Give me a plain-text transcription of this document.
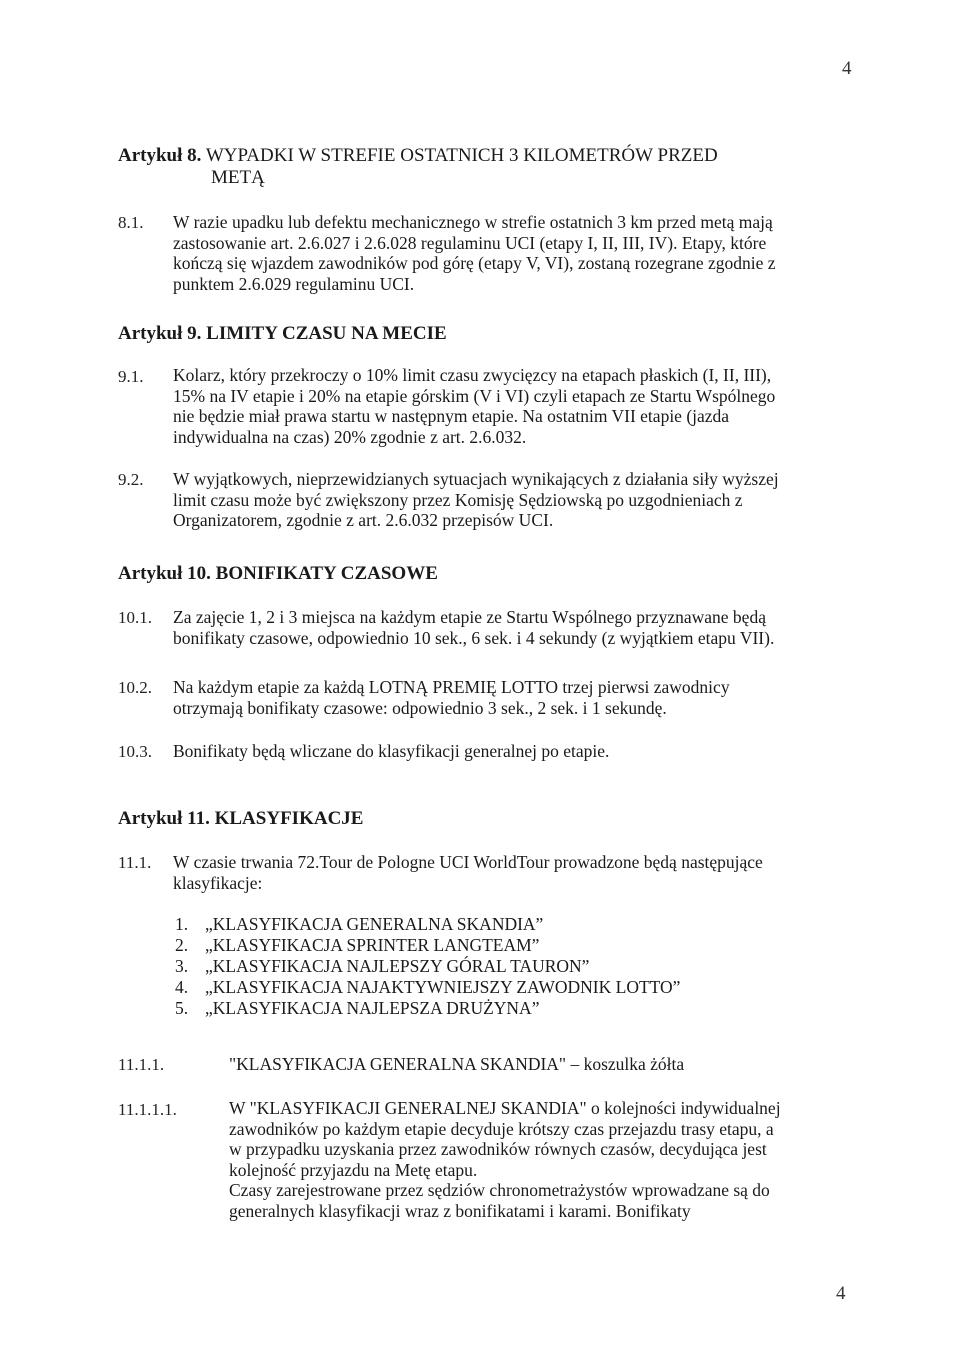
4
Artykuł 8. WYPADKI W STREFIE OSTATNICH 3 KILOMETRÓW PRZED
METĄ
8.1. W razie upadku lub defektu mechanicznego w strefie ostatnich 3 km przed metą mają
zastosowanie art. 2.6.027 i 2.6.028 regulaminu UCI (etapy I, II, III, IV). Etapy, które
kończą się wjazdem zawodników pod górę (etapy V, VI), zostaną rozegrane zgodnie z
punktem 2.6.029 regulaminu UCI.
Artykuł 9. LIMITY CZASU NA MECIE
9.1. Kolarz, który przekroczy o 10% limit czasu zwycięzcy na etapach płaskich (I, II, III),
15% na IV etapie i 20% na etapie górskim (V i VI) czyli etapach ze Startu Wspólnego
nie będzie miał prawa startu w następnym etapie. Na ostatnim VII etapie (jazda
indywidualna na czas) 20% zgodnie z art. 2.6.032.
9.2. W wyjątkowych, nieprzewidzianych sytuacjach wynikających z działania siły wyższej
limit czasu może być zwiększony przez Komisję Sędziowską po uzgodnieniach z
Organizatorem, zgodnie z art. 2.6.032 przepisów UCI.
Artykuł 10. BONIFIKATY CZASOWE
10.1. Za zajęcie 1, 2 i 3 miejsca na każdym etapie ze Startu Wspólnego przyznawane będą
bonifikaty czasowe, odpowiednio 10 sek., 6 sek. i 4 sekundy (z wyjątkiem etapu VII).
10.2. Na każdym etapie za każdą LOTNĄ PREMIĘ LOTTO trzej pierwsi zawodnicy
otrzymają bonifikaty czasowe: odpowiednio 3 sek., 2 sek. i 1 sekundę.
10.3. Bonifikaty będą wliczane do klasyfikacji generalnej po etapie.
Artykuł 11. KLASYFIKACJE
11.1. W czasie trwania 72.Tour de Pologne UCI WorldTour prowadzone będą następujące
klasyfikacje:
1. „KLASYFIKACJA GENERALNA SKANDIA”
2. „KLASYFIKACJA SPRINTER LANGTEAM”
3. „KLASYFIKACJA NAJLEPSZY GÓRAL TAURON”
4. „KLASYFIKACJA NAJAKTYWNIEJSZY ZAWODNIK LOTTO”
5. „KLASYFIKACJA NAJLEPSZA DRUŻYNA”
11.1.1.	"KLASYFIKACJA GENERALNA SKANDIA" – koszulka żółta
11.1.1.1.	W "KLASYFIKACJI GENERALNEJ SKANDIA" o kolejności indywidualnej
zawodników po każdym etapie decyduje krótszy czas przejazdu trasy etapu, a
w przypadku uzyskania przez zawodników równych czasów, decydująca jest
kolejność przyjazdu na Metę etapu.
Czasy zarejestrowane przez sędziów chronometrażystów wprowadzane są do
generalnych klasyfikacji wraz z bonifikatami i karami. Bonifikaty
4
